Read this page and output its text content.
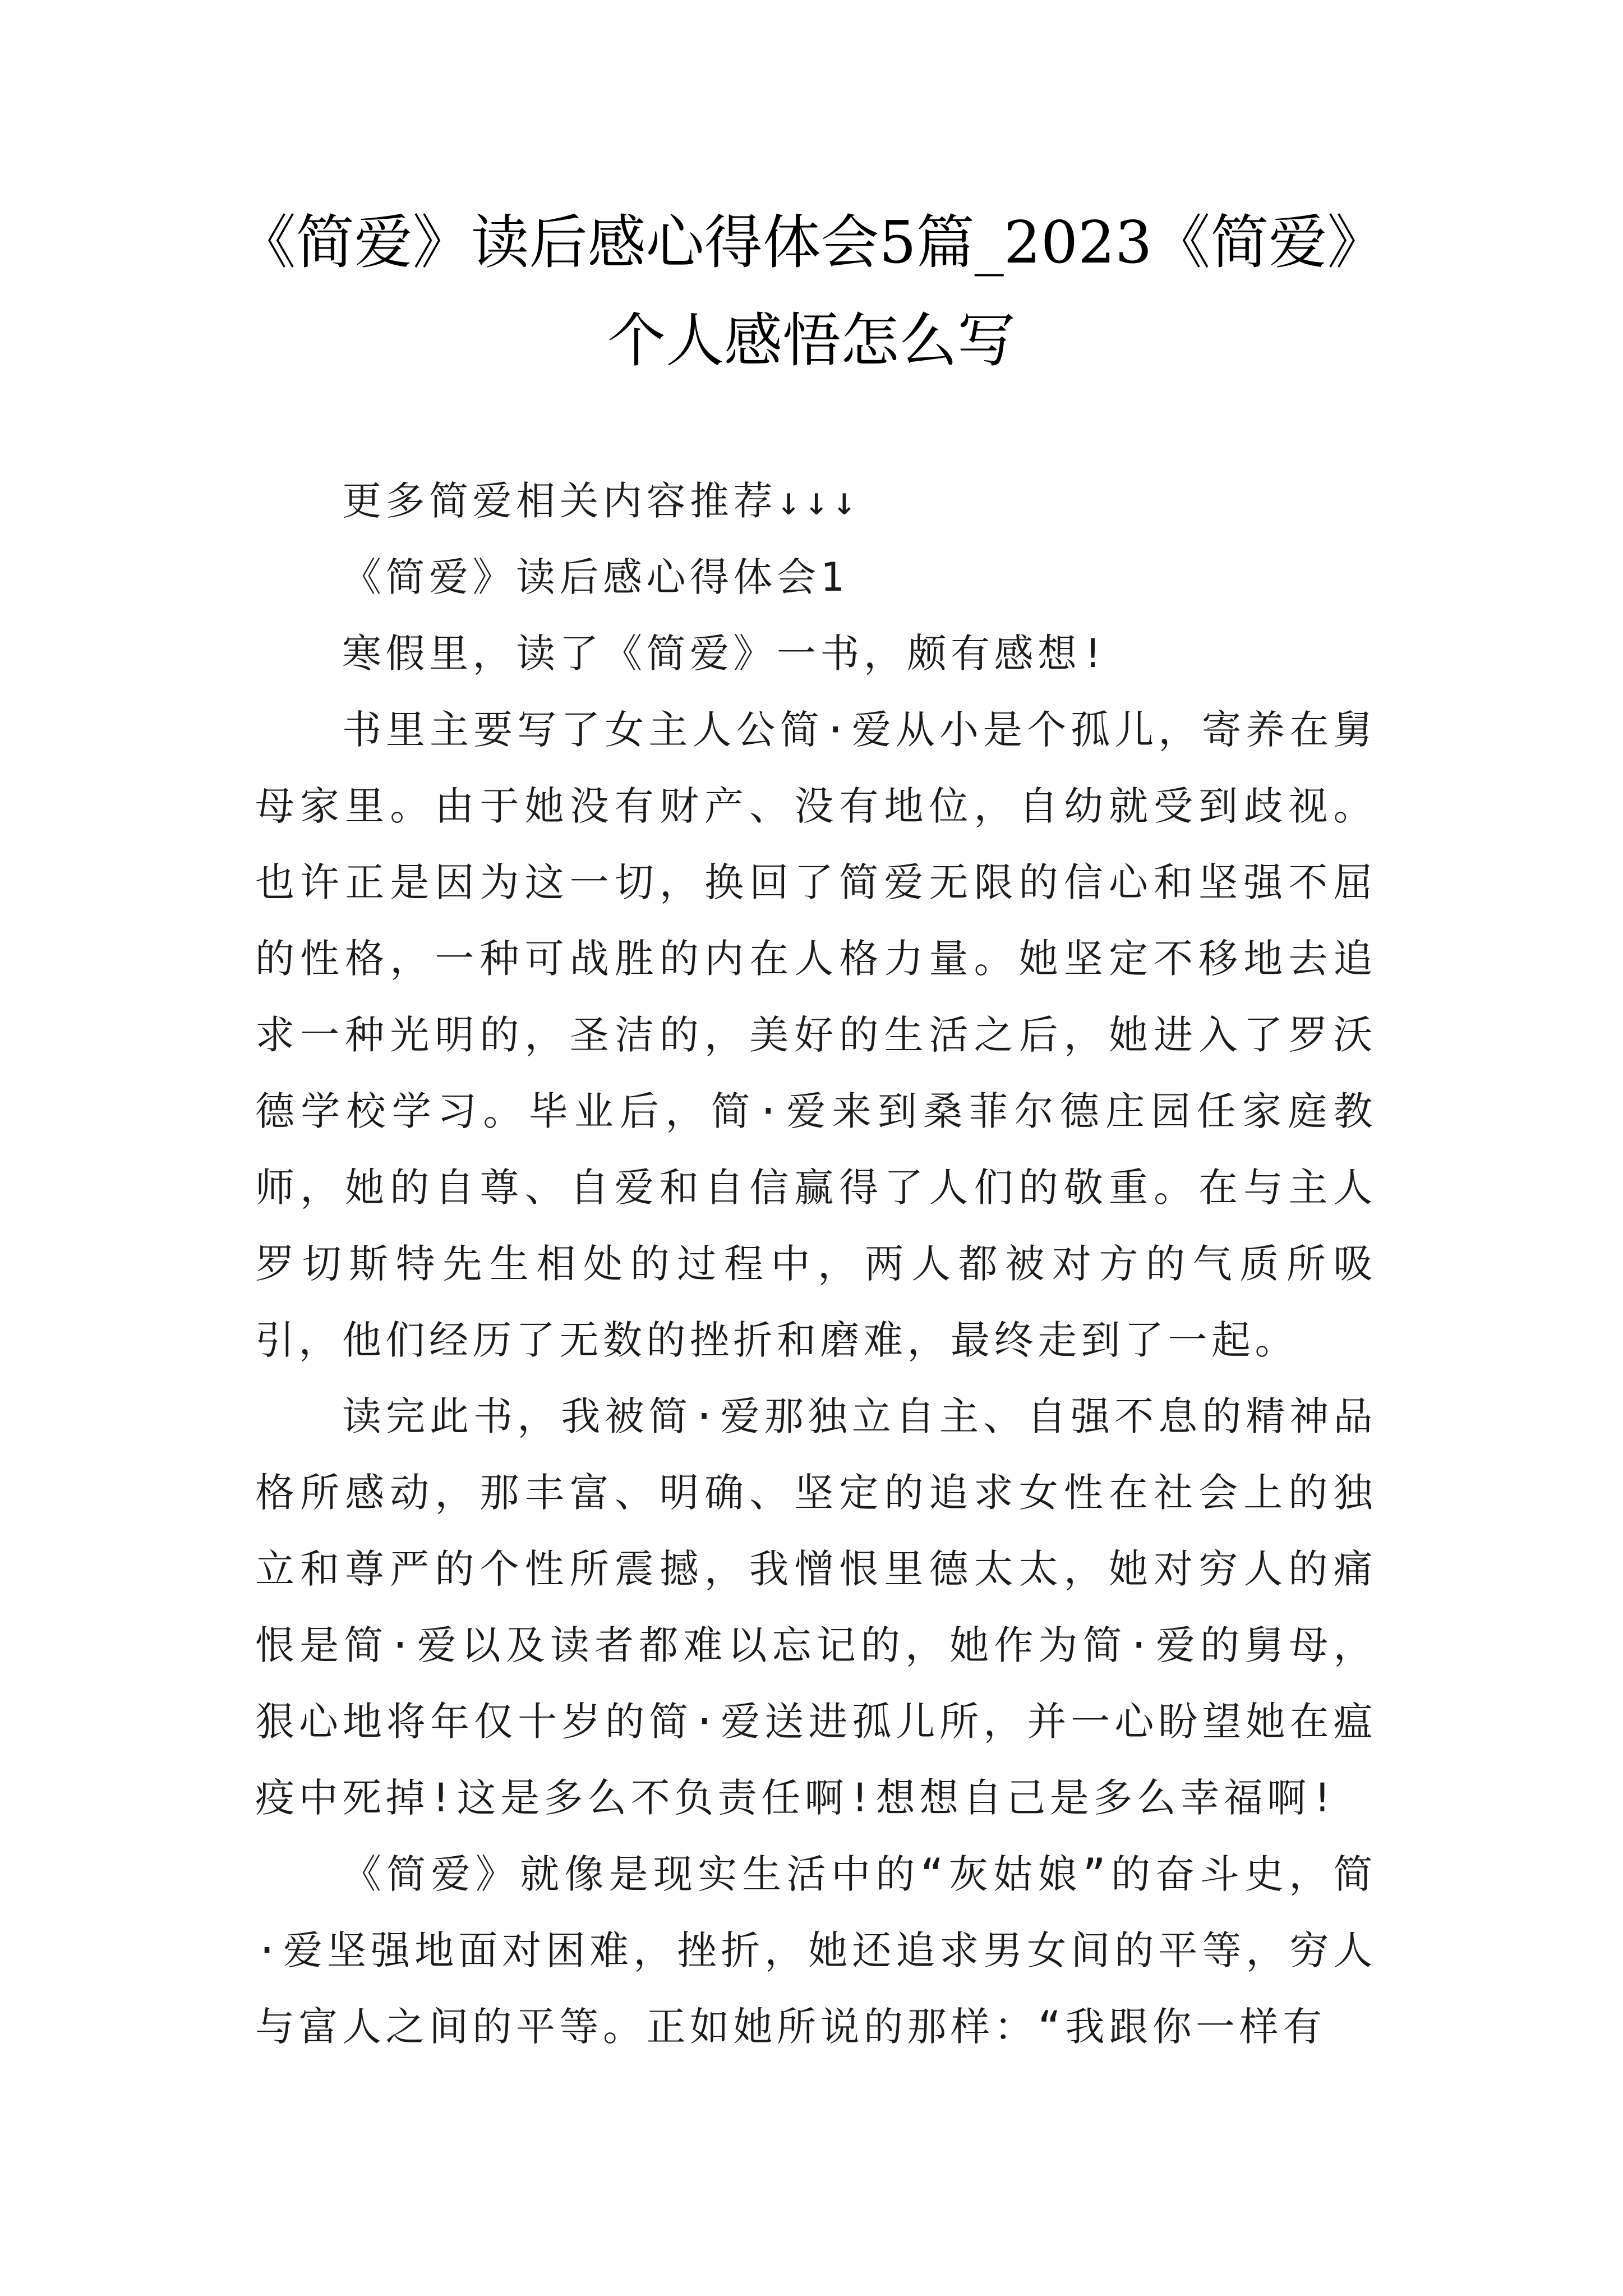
《简爱》读后感心得体会5篇_2023《简爱》
个人感悟怎么写

更多简爱相关内容推荐↓↓↓

《简爱》读后感心得体会1

寒假里，读了《简爱》一书，颇有感想!

书里主要写了女主人公简·爱从小是个孤儿，寄养在舅母家里。由于她没有财产、没有地位，自幼就受到歧视。也许正是因为这一切，换回了简爱无限的信心和坚强不屈的性格，一种可战胜的内在人格力量。她坚定不移地去追求一种光明的，圣洁的，美好的生活之后，她进入了罗沃德学校学习。毕业后，简·爱来到桑菲尔德庄园任家庭教师，她的自尊、自爱和自信赢得了人们的敬重。在与主人罗切斯特先生相处的过程中，两人都被对方的气质所吸引，他们经历了无数的挫折和磨难，最终走到了一起。

读完此书，我被简·爱那独立自主、自强不息的精神品格所感动，那丰富、明确、坚定的追求女性在社会上的独立和尊严的个性所震撼，我憎恨里德太太，她对穷人的痛恨是简·爱以及读者都难以忘记的，她作为简·爱的舅母，狠心地将年仅十岁的简·爱送进孤儿所，并一心盼望她在瘟疫中死掉!这是多么不负责任啊!想想自己是多么幸福啊!

《简爱》就像是现实生活中的“灰姑娘”的奋斗史，简·爱坚强地面对困难，挫折，她还追求男女间的平等，穷人与富人之间的平等。正如她所说的那样：“我跟你一样有
